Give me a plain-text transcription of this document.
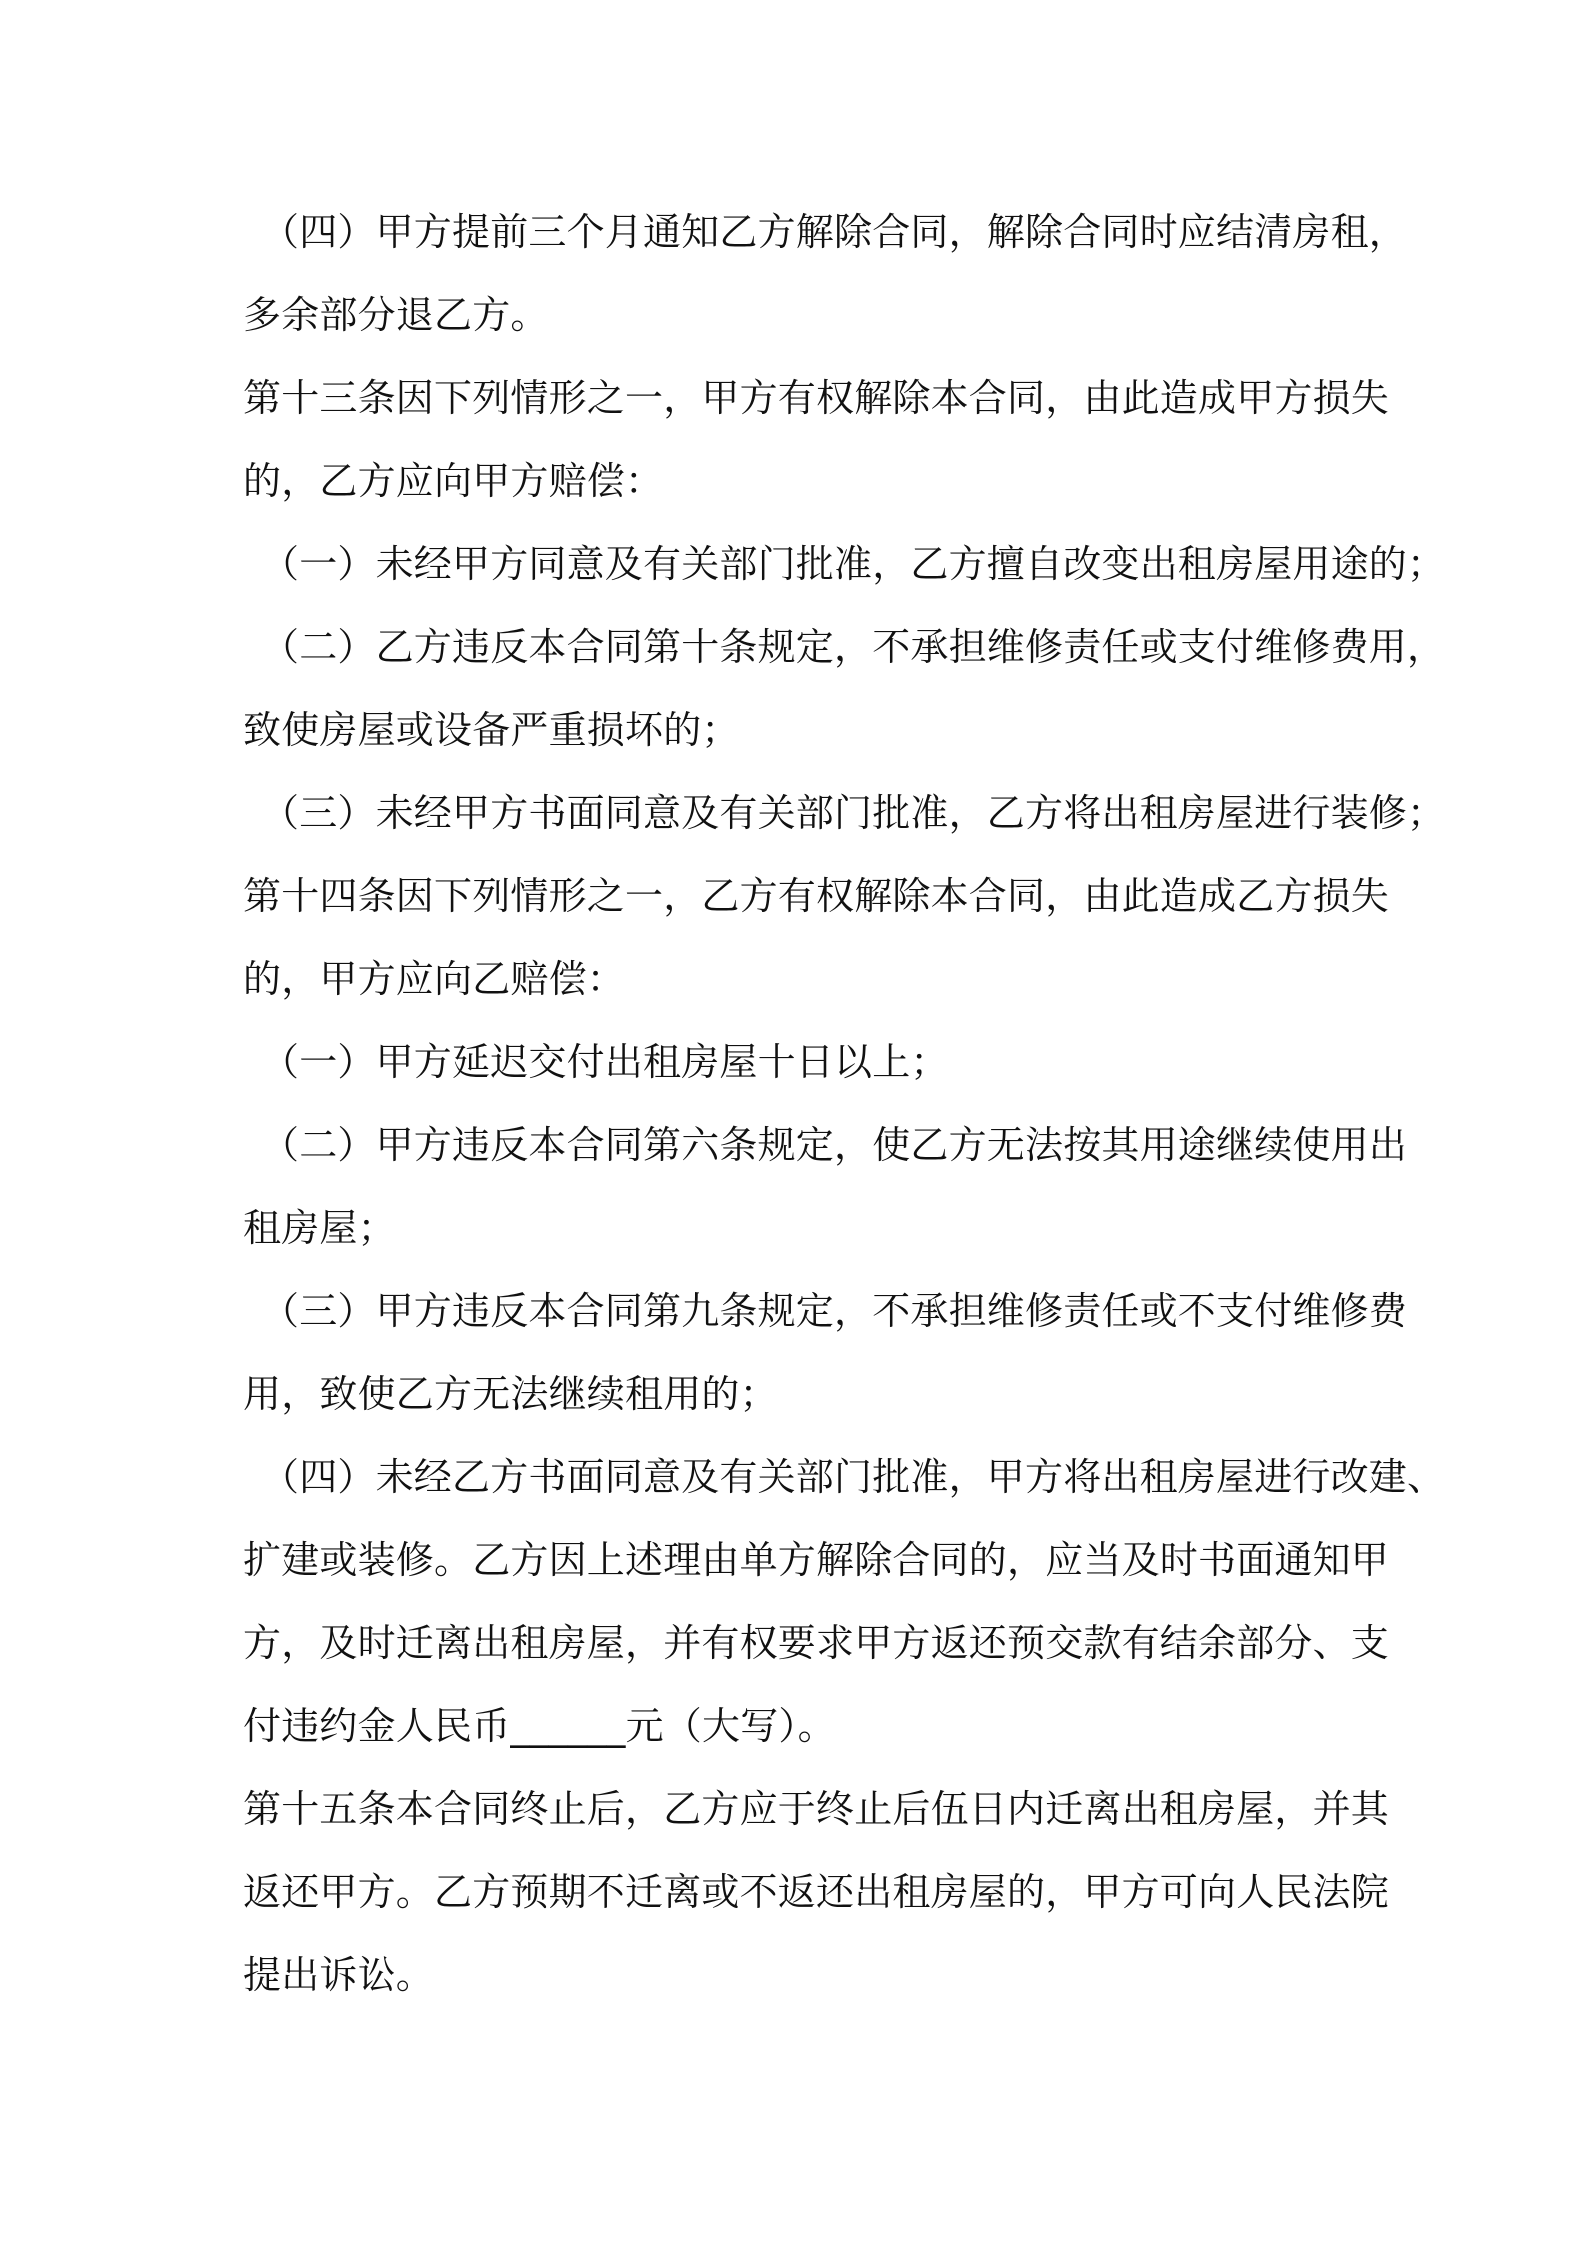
（四）甲方提前三个月通知乙方解除合同，解除合同时应结清房租，
多余部分退乙方。
第十三条因下列情形之一，甲方有权解除本合同，由此造成甲方损失
的，乙方应向甲方赔偿：
（一）未经甲方同意及有关部门批准，乙方擅自改变出租房屋用途的；
（二）乙方违反本合同第十条规定，不承担维修责任或支付维修费用，
致使房屋或设备严重损坏的；
（三）未经甲方书面同意及有关部门批准，乙方将出租房屋进行装修；
第十四条因下列情形之一，乙方有权解除本合同，由此造成乙方损失
的，甲方应向乙赔偿：
（一）甲方延迟交付出租房屋十日以上；
（二）甲方违反本合同第六条规定，使乙方无法按其用途继续使用出
租房屋；
（三）甲方违反本合同第九条规定，不承担维修责任或不支付维修费
用，致使乙方无法继续租用的；
（四）未经乙方书面同意及有关部门批准，甲方将出租房屋进行改建、
扩建或装修。乙方因上述理由单方解除合同的，应当及时书面通知甲
方，及时迁离出租房屋，并有权要求甲方返还预交款有结余部分、支
付违约金人民币______元（大写）。
第十五条本合同终止后，乙方应于终止后伍日内迁离出租房屋，并其
返还甲方。乙方预期不迁离或不返还出租房屋的，甲方可向人民法院
提出诉讼。
